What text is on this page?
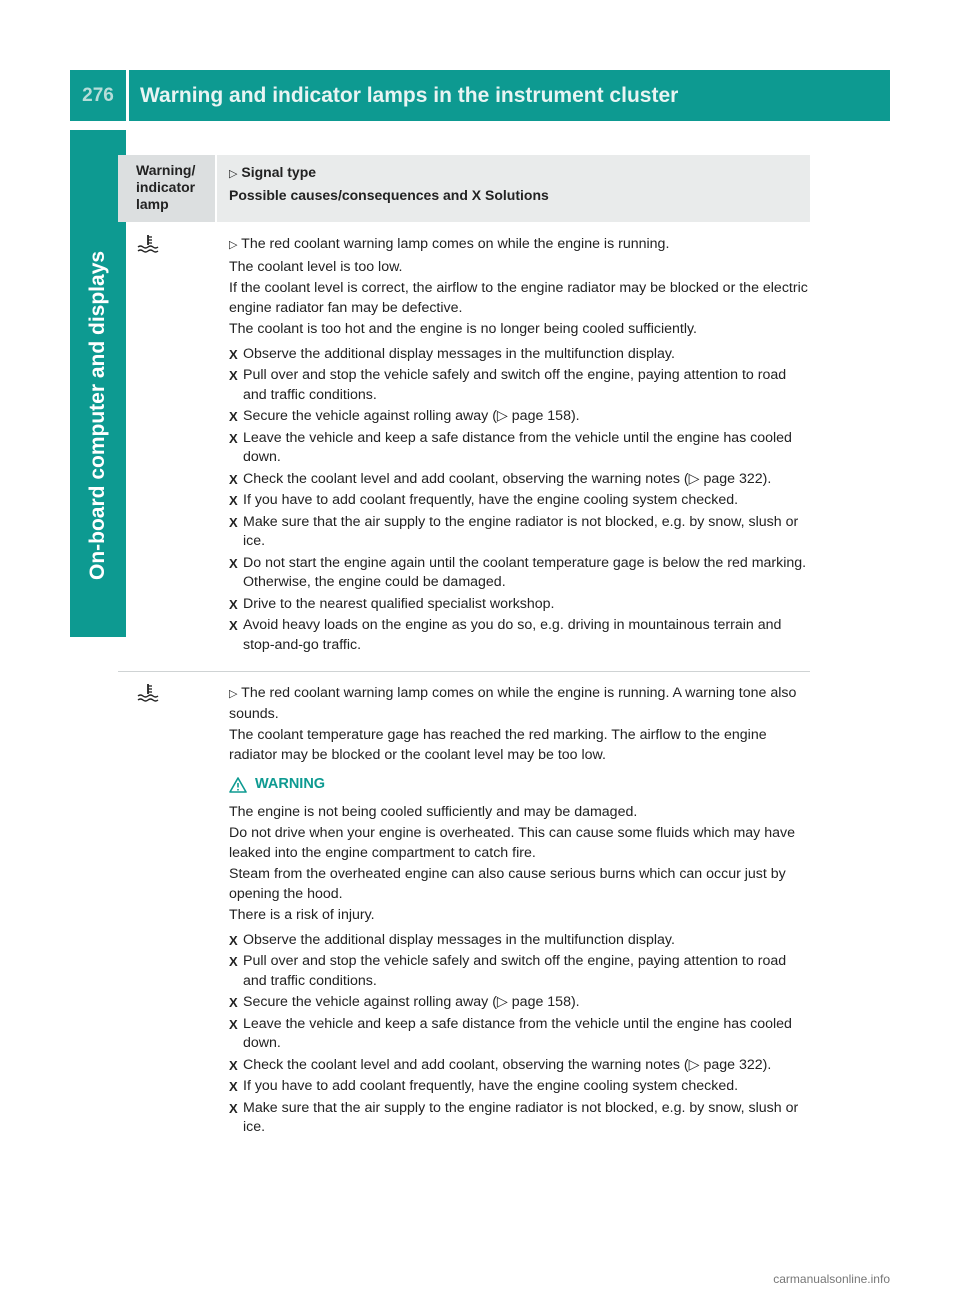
276	Warning and indicator lamps in the instrument cluster
On-board computer and displays
Warning/
indicator
lamp
▷ Signal type
Possible causes/consequences and X Solutions

▷ The red coolant warning lamp comes on while the engine is running.

The coolant level is too low.

If the coolant level is correct, the airflow to the engine radiator may be blocked or the electric engine radiator fan may be defective.

The coolant is too hot and the engine is no longer being cooled sufficiently.

X Observe the additional display messages in the multifunction display.
X Pull over and stop the vehicle safely and switch off the engine, paying attention to road and traffic conditions.
X Secure the vehicle against rolling away (▷ page 158).
X Leave the vehicle and keep a safe distance from the vehicle until the engine has cooled down.
X Check the coolant level and add coolant, observing the warning notes (▷ page 322).
X If you have to add coolant frequently, have the engine cooling system checked.
X Make sure that the air supply to the engine radiator is not blocked, e.g. by snow, slush or ice.
X Do not start the engine again until the coolant temperature gage is below the red marking. Otherwise, the engine could be damaged.
X Drive to the nearest qualified specialist workshop.
X Avoid heavy loads on the engine as you do so, e.g. driving in mountainous terrain and stop-and-go traffic.

▷ The red coolant warning lamp comes on while the engine is running. A warning tone also sounds.

The coolant temperature gage has reached the red marking. The airflow to the engine radiator may be blocked or the coolant level may be too low.

WARNING

The engine is not being cooled sufficiently and may be damaged.

Do not drive when your engine is overheated. This can cause some fluids which may have leaked into the engine compartment to catch fire.

Steam from the overheated engine can also cause serious burns which can occur just by opening the hood.

There is a risk of injury.

X Observe the additional display messages in the multifunction display.
X Pull over and stop the vehicle safely and switch off the engine, paying attention to road and traffic conditions.
X Secure the vehicle against rolling away (▷ page 158).
X Leave the vehicle and keep a safe distance from the vehicle until the engine has cooled down.
X Check the coolant level and add coolant, observing the warning notes (▷ page 322).
X If you have to add coolant frequently, have the engine cooling system checked.
X Make sure that the air supply to the engine radiator is not blocked, e.g. by snow, slush or ice.
carmanualsonline.info
